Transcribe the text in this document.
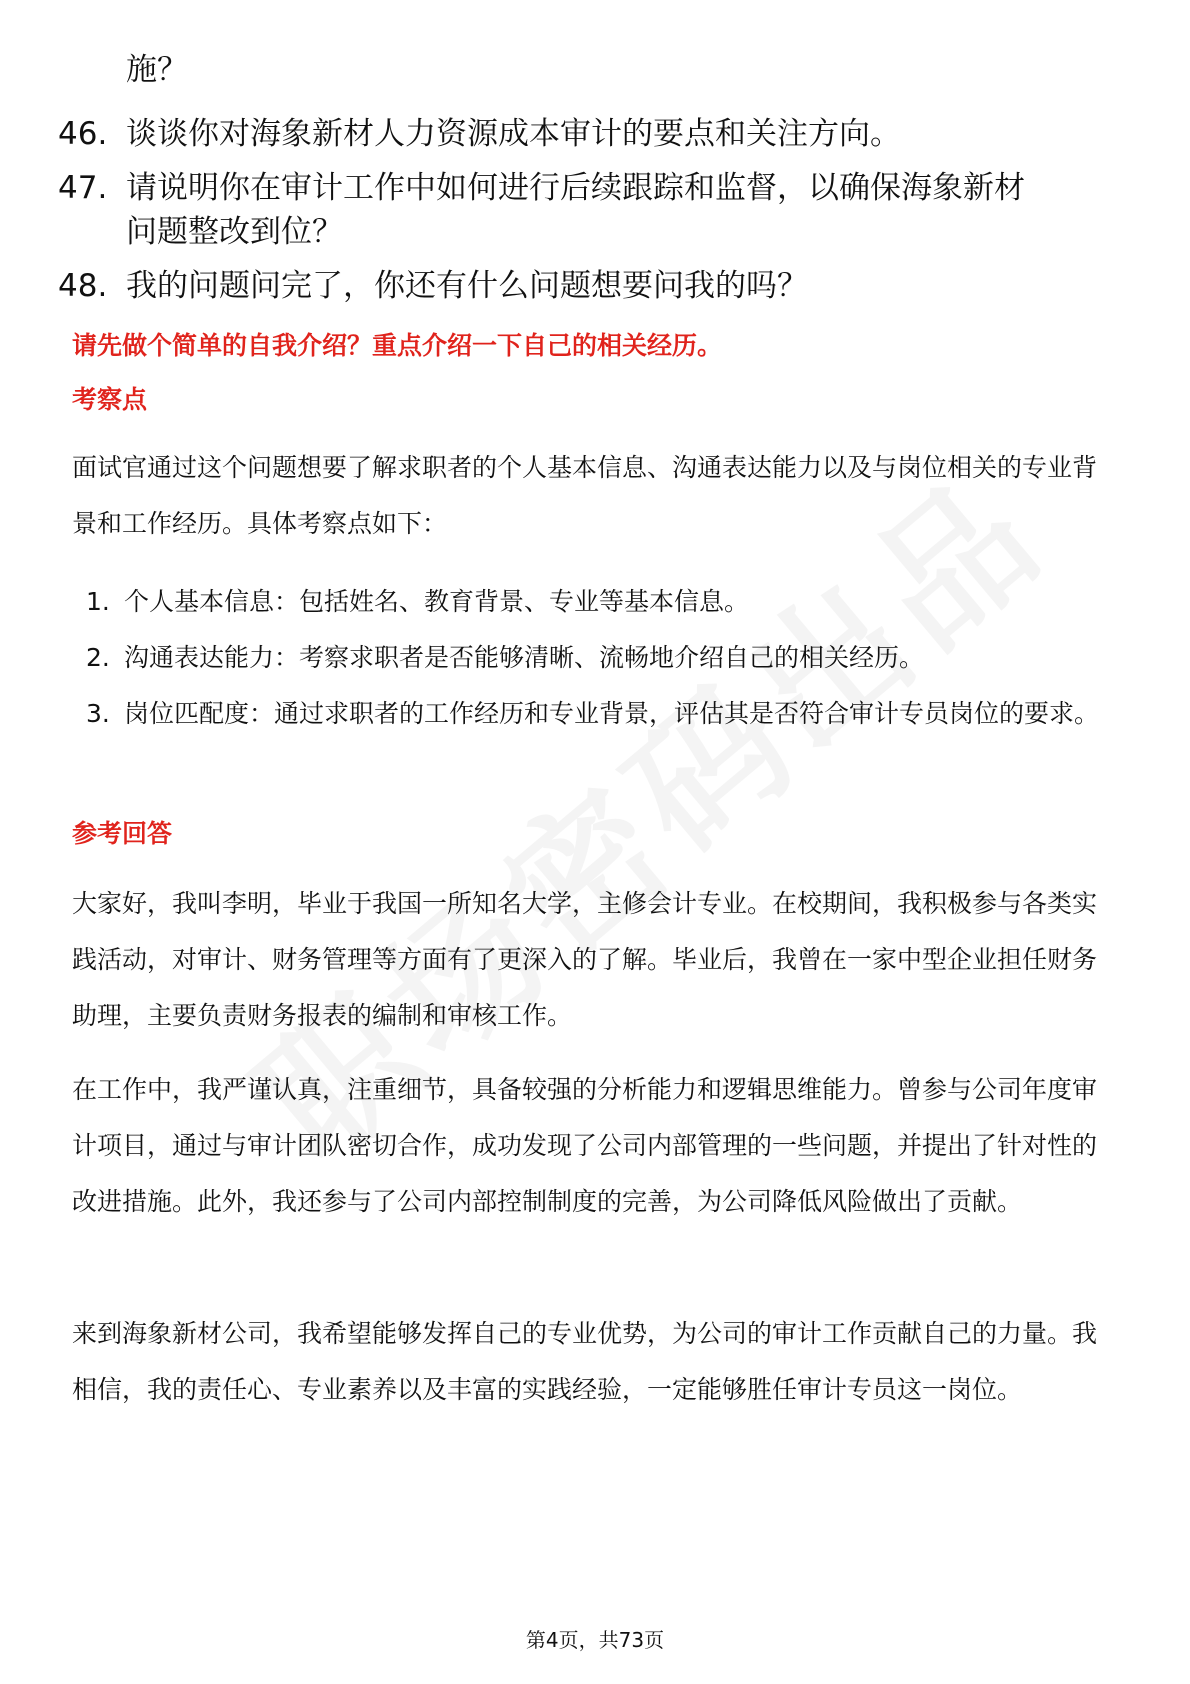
施？
46. 谈谈你对海象新材人力资源成本审计的要点和关注方向。
47. 请说明你在审计工作中如何进行后续跟踪和监督，以确保海象新材问题整改到位？
48. 我的问题问完了，你还有什么问题想要问我的吗？
请先做个简单的自我介绍？重点介绍一下自己的相关经历。
考察点
面试官通过这个问题想要了解求职者的个人基本信息、沟通表达能力以及与岗位相关的专业背景和工作经历。具体考察点如下：
1. 个人基本信息：包括姓名、教育背景、专业等基本信息。
2. 沟通表达能力：考察求职者是否能够清晰、流畅地介绍自己的相关经历。
3. 岗位匹配度：通过求职者的工作经历和专业背景，评估其是否符合审计专员岗位的要求。
参考回答
大家好，我叫李明，毕业于我国一所知名大学，主修会计专业。在校期间，我积极参与各类实践活动，对审计、财务管理等方面有了更深入的了解。毕业后，我曾在一家中型企业担任财务助理，主要负责财务报表的编制和审核工作。
在工作中，我严谨认真，注重细节，具备较强的分析能力和逻辑思维能力。曾参与公司年度审计项目，通过与审计团队密切合作，成功发现了公司内部管理的一些问题，并提出了针对性的改进措施。此外，我还参与了公司内部控制制度的完善，为公司降低风险做出了贡献。
来到海象新材公司，我希望能够发挥自己的专业优势，为公司的审计工作贡献自己的力量。我相信，我的责任心、专业素养以及丰富的实践经验，一定能够胜任审计专员这一岗位。
第4页，共73页
